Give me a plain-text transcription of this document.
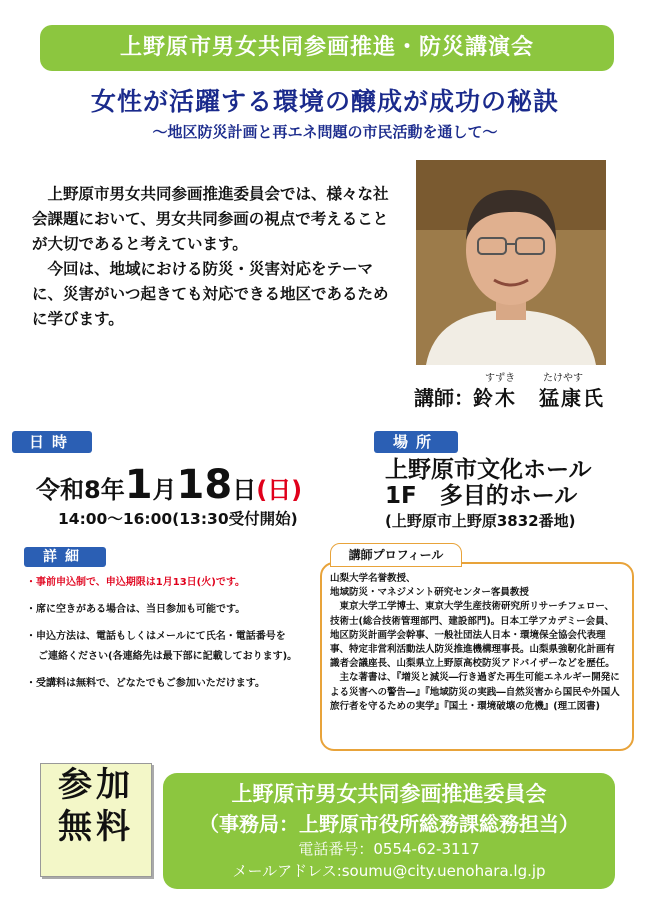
上野原市男女共同参画推進・防災講演会
女性が活躍する環境の醸成が成功の秘訣
～地区防災計画と再エネ問題の市民活動を通して～

上野原市男女共同参画推進委員会では、様々な社会課題において、男女共同参画の視点で考えることが大切であると考えています。

今回は、地域における防災・災害対応をテーマに、災害がいつ起きても対応できる地区であるために学びます。

すずき	たけやす
講師： 鈴木　猛康 氏
日時	場所
令和8年1月18日(日)
14:00～16:00(13:30受付開始)
上野原市文化ホール
1F　多目的ホール
(上野原市上野原3832番地)
詳細
・事前申込制で、申込期限は1月13日(火)です。
・席に空きがある場合は、当日参加も可能です。
・申込方法は、電話もしくはメールにて氏名・電話番号を
ご連絡ください(各連絡先は最下部に記載しております)。
・受講料は無料で、どなたでもご参加いただけます。
講師プロフィール

山梨大学名誉教授、

地域防災・マネジメント研究センター客員教授

　東京大学工学博士、東京大学生産技術研究所リサーチフェロー、技術士(総合技術管理部門、建設部門)。日本工学アカデミー会員、地区防災計画学会幹事、一般社団法人日本・環境保全協会代表理事、特定非営利活動法人防災推進機構理事長。山梨県強靭化計画有識者会議座長、山梨県立上野原高校防災アドバイザーなどを歴任。

　主な著書は、『増災と減災―行き過ぎた再生可能エネルギー開発による災害への警告―』『地域防災の実践―自然災害から国民や外国人旅行者を守るための実学』『国土・環境破壊の危機』(理工図書)

参加
無料
上野原市男女共同参画推進委員会
（事務局：上野原市役所総務課総務担当）
電話番号：0554-62-3117
メールアドレス:soumu@city.uenohara.lg.jp
